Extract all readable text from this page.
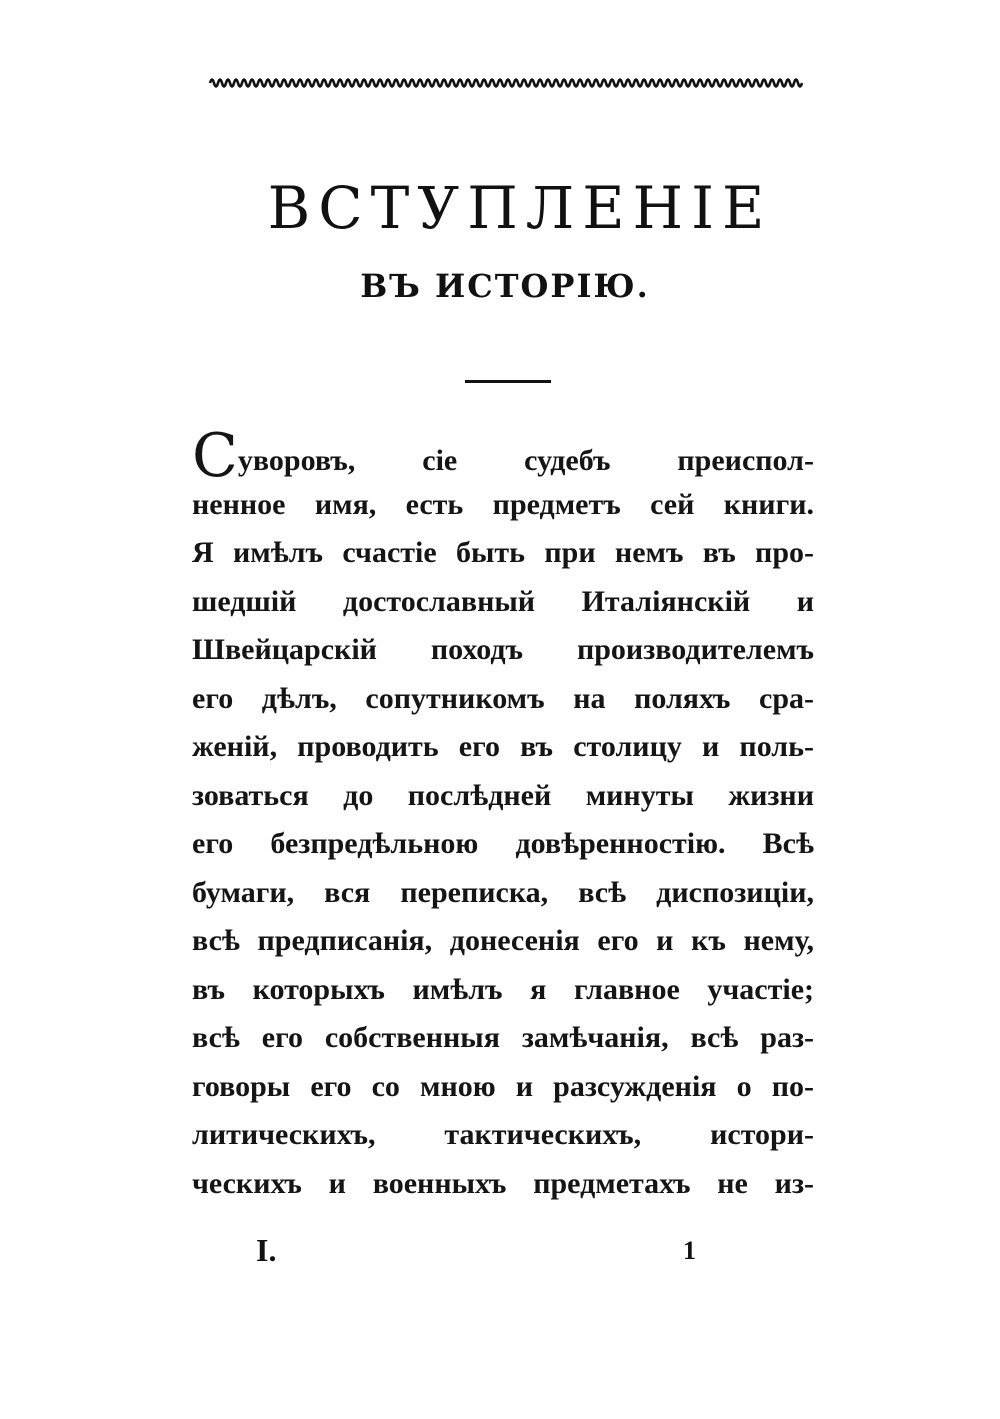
ВСТУПЛЕНІЕ
ВЪ ИСТОРІЮ.
Суворовъ, сіе судебъ преиспол-
ненное имя, есть предметъ сей книги.
Я имѣлъ счастіе быть при немъ въ про-
шедшій достославный Италіянскій и
Швейцарскій походъ производителемъ
его дѣлъ, сопутникомъ на поляхъ сра-
женій, проводить его въ столицу и поль-
зоваться до послѣдней минуты жизни
его безпредѣльною довѣренностію. Всѣ
бумаги, вся переписка, всѣ диспозиціи,
всѣ предписанія, донесенія его и къ нему,
въ которыхъ имѣлъ я главное участіе;
всѣ его собственныя замѣчанія, всѣ раз-
говоры его со мною и разсужденія о по-
литическихъ, тактическихъ, истори-
ческихъ и военныхъ предметахъ не из-
I.	1
